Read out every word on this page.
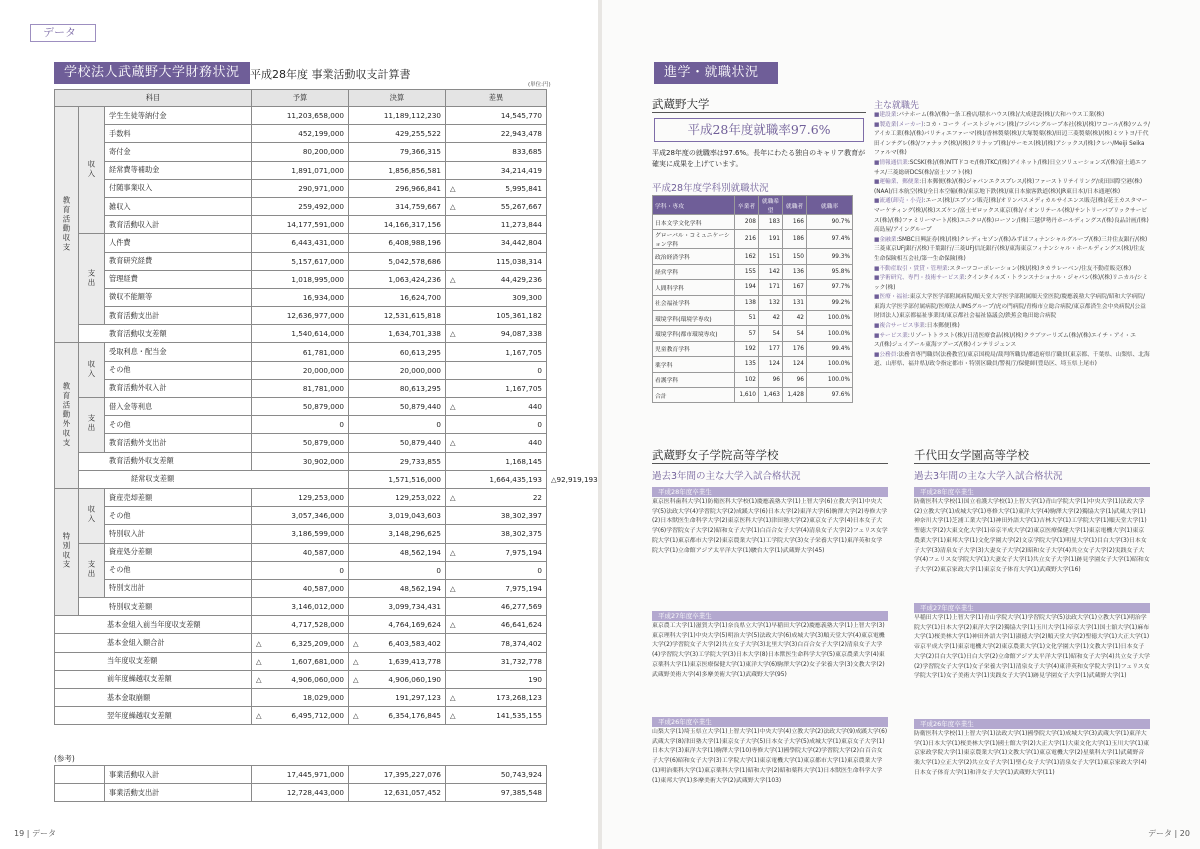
データ
学校法人武蔵野大学財務状況 平成28年度 事業活動収支計算書
(単位:円)
科目			予算	決算	差異	
教育活動収支	収入	学生生徒等納付金	11,203,658,000	11,189,112,230	14,545,770	
		手数料	452,199,000	429,255,522	22,943,478	
		寄付金	80,200,000	79,366,315	833,685	
		経常費等補助金	1,891,071,000	1,856,856,581	34,214,419	
		付随事業収入	290,971,000	296,966,841	△ 5,995,841	
		雑収入	259,492,000	314,759,667	△ 55,267,667	
		教育活動収入計	14,177,591,000	14,166,317,156	11,273,844	
	支出	人件費	6,443,431,000	6,408,988,196	34,442,804	
		教育研究経費	5,157,617,000	5,042,578,686	115,038,314	
		管理経費	1,018,995,000	1,063,424,236	△ 44,429,236	
		徴収不能額等	16,934,000	16,624,700	309,300	
		教育活動支出計	12,636,977,000	12,531,615,818	105,361,182	
	教育活動収支差額		1,540,614,000	1,634,701,338	△ 94,087,338	
教育活動外収支	収入	受取利息・配当金	61,781,000	60,613,295	1,167,705	
		その他	20,000,000	20,000,000	0	
		教育活動外収入計	81,781,000	80,613,295	1,167,705	
	支出	借入金等利息	50,879,000	50,879,440	△ 440	
		その他	0	0	0	
		教育活動外支出計	50,879,000	50,879,440	△ 440	
	教育活動外収支差額		30,902,000	29,733,855	1,168,145	
	経常収支差額			1,571,516,000	1,664,435,193	△ 92,919,193
特別収支	収入	資産売却差額	129,253,000	129,253,022	△ 22	
		その他	3,057,346,000	3,019,043,603	38,302,397	
		特別収入計	3,186,599,000	3,148,296,625	38,302,375	
	支出	資産処分差額	40,587,000	48,562,194	△ 7,975,194	
		その他	0	0	0	
		特別支出計	40,587,000	48,562,194	△ 7,975,194	
	特別収支差額		3,146,012,000	3,099,734,431	46,277,569	
基本金組入前当年度収支差額			4,717,528,000	4,764,169,624	△ 46,641,624	
基本金組入額合計			△ 6,325,209,000	△ 6,403,583,402	78,374,402	
当年度収支差額			△ 1,607,681,000	△ 1,639,413,778	31,732,778	
前年度繰越収支差額			△ 4,906,060,000	△ 4,906,060,190	190	
基本金取崩額			18,029,000	191,297,123	△ 173,268,123	
翌年度繰越収支差額			△ 6,495,712,000	△ 6,354,176,845	△ 141,535,155	
(参考)
	事業活動収入計	17,445,971,000	17,395,227,076	50,743,924
	事業活動支出計	12,728,443,000	12,631,057,452	97,385,548
19 | データ
進学・就職状況
武蔵野大学
平成28年度就職率97.6%
平成28年度の就職率は97.6%。長年にわたる独自のキャリア教育が確実に成果を上げています。
平成28年度学科別就職状況
学科・専攻	卒業者	就職希望	就職者	就職率
日本文学文化学科	208	183	166	90.7%
グローバル・コミュニケーション学科	216	191	186	97.4%
政治経済学科	162	151	150	99.3%
経営学科	155	142	136	95.8%
人間科学科	194	171	167	97.7%
社会福祉学科	138	132	131	99.2%
環境学科(環境学専攻)	51	42	42	100.0%
環境学科(都市環境専攻)	57	54	54	100.0%
児童教育学科	192	177	176	99.4%
薬学科	135	124	124	100.0%
看護学科	102	96	96	100.0%
合計	1,610	1,463	1,428	97.6%
主な就職先
■建設業:パナホーム(株)/(株)一条工務店/積水ハウス(株)/大成建設(株)/大和ハウス工業(株)
■製造業(メーカー):コカ・コーラ イーストジャパン(株)/フジパングループ本社(株)/(株)ワコール/(株)ツムラ/アイカ工業(株)/(株)パリティエファーマ(株)/香林製薬(株)/大塚製薬(株)/田辺三菱製薬(株)/(株)ミツトヨ/千代田インテグレ(株)/ファナック(株)/(株)クリナップ(株)/サーモス(株)/(株)アシックス/(株)クレハ/Meiji Seika ファルマ(株)
■情報通信業:SCSK(株)/(株)NTTドコモ/(株)TKC/(株)アイネット/(株)日立ソリューションズ/(株)富士通エフサス/三菱総研DCS(株)/富士ソフト(株)
■運輸業、郵便業:日本郵便(株)/(株)ジャパンエクスプレス/(株)ファーストリテイリング/成田国際空港(株)(NAA)/日本航空(株)/全日本空輸(株)/東京地下鉄(株)/東日本旅客鉄道(株)(JR東日本)/日本通運(株)
■流通(卸売・小売):エース(株)/エプソン販売(株)/オリンパスメディカルサイエンス販売(株)/花王カスタマーマーケティング(株)/(株)スズケン/富士ゼロックス東京(株)/イオンリテール(株)/サントリーパブリックサービス(株)/(株)ファミリーマート/(株)ユニクロ/(株)ローソン/(株)三越伊勢丹ホールディングス/(株)良品計画/(株)高島屋/アイングループ
■金融業:SMBC日興証券(株)/(株)クレディセゾン/(株)みずほフィナンシャルグループ/(株)三井住友銀行/(株)三菱東京UFJ銀行/(株)千葉銀行/三菱UFJ信託銀行(株)/東海東京フィナンシャル・ホールディングス(株)/住友生命保険相互会社/第一生命保険(株)
■不動産取引・賃貸・管理業:スターツコーポレーション(株)/(株)タカラレーベン/住友不動産販売(株)
■学術研究、専門・技術サービス業:クインタイルズ・トランスナショナル・ジャパン(株)/(株)リニカル/シミック(株)
■医療・福祉:東京大学医学部附属病院/順天堂大学医学部附属順天堂医院/慶應義塾大学病院/昭和大学病院/東海大学医学部付属病院/医療法人IMSグループ/虎の門病院/青梅市立総合病院/東京都済生会中央病院/(公益財団法人)東京都福祉事業団/東京都社会福祉協議会/鉄蕉会亀田総合病院
■複合サービス事業:日本郵便(株)
■サービス業:リゾートトラスト(株)/日清医療食品(株)/(株)クラブツーリズム(株)/(株)エイチ・アイ・エス/(株)ジェイアール東海ツアーズ/(株)インテリジェンス
■公務員:法務省専門職員(法務教官)/東京国税局/裁判所職員/都道府県庁職員(東京都、千葉県、山梨県、北海道、山形県、福井県)/政令指定都市・特別区職員/警視庁/保健師(豊島区、埼玉県上尾市)
武蔵野女子学院高等学校
過去3年間の主な大学入試合格状況
平成28年度卒業生
東京医科歯科大学(1)防衛医科大学校(1)慶應義塾大学(1)上智大学(6)立教大学(1)中央大学(5)法政大学(4)学習院大学(2)成蹊大学(6)日本大学(2)東洋大学(6)駒澤大学(2)専修大学(2)日本獣医生命科学大学(2)東京医科大学(1)津田塾大学(2)東京女子大学(4)日本女子大学(6)学習院女子大学(2)昭和女子大学(1)白百合女子大学(4)清泉女子大学(2)フェリス女学院大学(1)東京都市大学(2)東京農業大学(1)工学院大学(3)女子栄養大学(1)東洋英和女学院大学(1)立命館アジア太平洋大学(1)駿台大学(1)武蔵野大学(45)
平成27年度卒業生
東京農工大学(1)滋賀大学(1)奈良県立大学(1)早稲田大学(2)慶應義塾大学(1)上智大学(3)東京理科大学(1)中央大学(5)明治大学(5)法政大学(6)成城大学(3)順天堂大学(4)東京電機大学(2)学習院女子大学(2)共立女子大学(3)北里大学(3)白百合女子大学(2)清泉女子大学(4)学習院大学(3)工学院大学(3)日本大学(8)日本獣医生命科学大学(5)東京農業大学(4)東京薬科大学(1)東京医療保健大学(1)東洋大学(6)駒澤大学(2)女子栄養大学(3)文教大学(2)武蔵野美術大学(4)多摩美術大学(1)武蔵野大学(95)
平成26年度卒業生
山梨大学(1)埼玉県立大学(1)上智大学(1)中央大学(4)立教大学(2)法政大学(9)成蹊大学(6)武蔵大学(8)津田塾大学(1)東京女子大学(5)日本女子大学(5)成城大学(1)東京女子大学(1)日本大学(3)東洋大学(1)駒澤大学(10)専修大学(1)國學院大学(2)学習院大学(2)白百合女子大学(6)昭和女子大学(3)工学院大学(1)東京電機大学(1)東京都市大学(1)東京農業大学(1)明治薬科大学(1)東京薬科大学(1)昭和大学(2)昭和薬科大学(1)日本獣医生命科学大学(1)東邦大学(1)多摩美術大学(2)武蔵野大学(103)
千代田女学園高等学校
過去3年間の主な大学入試合格状況
平成28年度卒業生
防衛医科大学校(1)国立看護大学校(1)上智大学(1)青山学院大学(1)中央大学(1)法政大学(2)立教大学(1)成城大学(1)専修大学(1)東洋大学(4)駒澤大学(2)獨協大学(1)武蔵大学(1)神奈川大学(1)芝浦工業大学(1)神田外語大学(1)吉林大学(1)工学院大学(1)順天堂大学(1)聖徳大学(2)大東文化大学(1)帝京平成大学(2)東京医療保健大学(1)東京電機大学(1)東京農業大学(1)東邦大学(1)文化学園大学(2)文京学院大学(1)明星大学(1)目白大学(3)日本女子大学(3)清泉女子大学(3)大妻女子大学(2)昭和女子大学(4)共立女子大学(2)実践女子大学(4)フェリス女学院大学(1)大妻女子大学(1)共立女子大学(1)跡見学園女子大学(1)昭和女子大学(2)東京家政大学(1)東京女子体育大学(1)武蔵野大学(16)
平成27年度卒業生
早稲田大学(1)上智大学(1)青山学院大学(1)学習院大学(5)法政大学(1)立教大学(1)明治学院大学(1)日本大学(2)東洋大学(2)獨協大学(1)玉川大学(1)帝京大学(1)国士舘大学(1)麻布大学(1)桜美林大学(1)神田外語大学(1)淑徳大学(2)順天堂大学(2)聖徳大学(1)大正大学(1)帝京平成大学(1)東京電機大学(2)東京農業大学(1)文化学園大学(1)文教大学(1)日本女子大学(2)目白大学(1)日白大学(2)立命館アジア太平洋大学(1)昭和女子大学(4)共立女子大学(2)学習院女子大学(1)女子栄養大学(1)清泉女子大学(4)東洋英和女学院大学(1)フェリス女学院大学(1)女子美術大学(1)実践女子大学(1)跡見学園女子大学(1)武蔵野大学(1)
平成26年度卒業生
防衛医科大学校(1)上智大学(1)法政大学(1)國學院大学(1)成城大学(3)武蔵大学(1)東洋大学(1)日本大学(1)桜美林大学(1)國士館大学(2)大正大学(1)大東文化大学(1)玉川大学(1)東京家政学院大学(1)東京農業大学(1)文教大学(1)東京電機大学(2)星薬科大学(1)武蔵野音楽大学(1)立正大学(2)共立女子大学(1)聖心女子大学(1)清泉女子大学(1)東京家政大学(4)日本女子体育大学(1)和洋女子大学(1)武蔵野大学(11)
データ | 20
